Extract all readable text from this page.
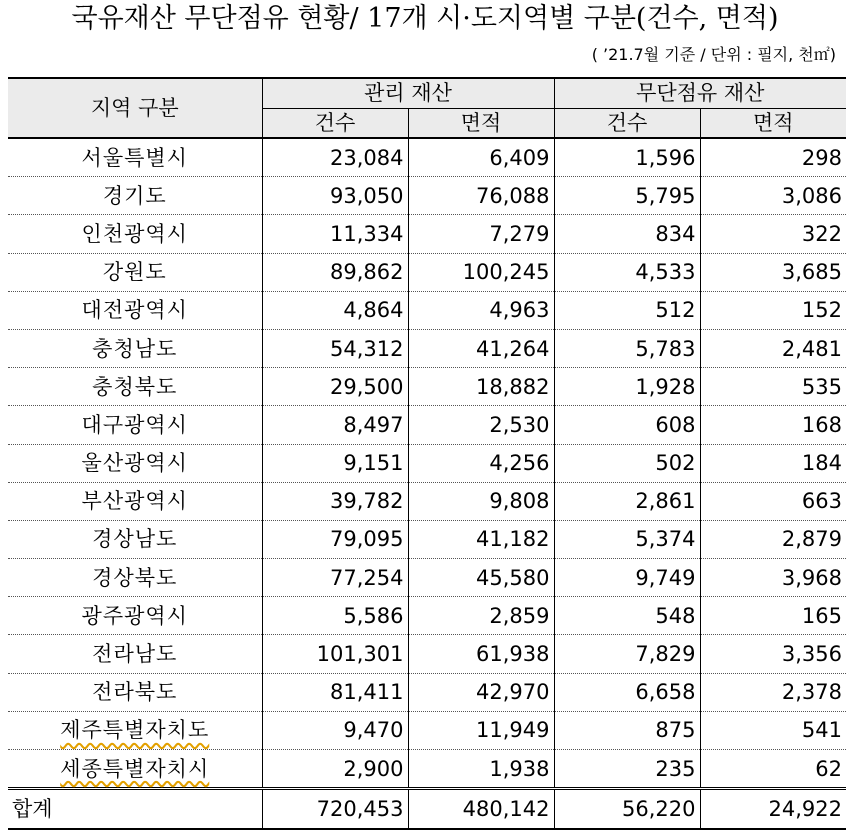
국유재산 무단점유 현황/ 17개 시·도지역별 구분(건수, 면적)
( ’21.7월 기준 / 단위 : 필지, 천㎡)
지역 구분	관리 재산		무단점유 재산	
	건수	면적	건수	면적
서울특별시	23,084	6,409	1,596	298
경기도	93,050	76,088	5,795	3,086
인천광역시	11,334	7,279	834	322
강원도	89,862	100,245	4,533	3,685
대전광역시	4,864	4,963	512	152
충청남도	54,312	41,264	5,783	2,481
충청북도	29,500	18,882	1,928	535
대구광역시	8,497	2,530	608	168
울산광역시	9,151	4,256	502	184
부산광역시	39,782	9,808	2,861	663
경상남도	79,095	41,182	5,374	2,879
경상북도	77,254	45,580	9,749	3,968
광주광역시	5,586	2,859	548	165
전라남도	101,301	61,938	7,829	3,356
전라북도	81,411	42,970	6,658	2,378
제주특별자치도	9,470	11,949	875	541
세종특별자치시	2,900	1,938	235	62
합계	720,453	480,142	56,220	24,922
